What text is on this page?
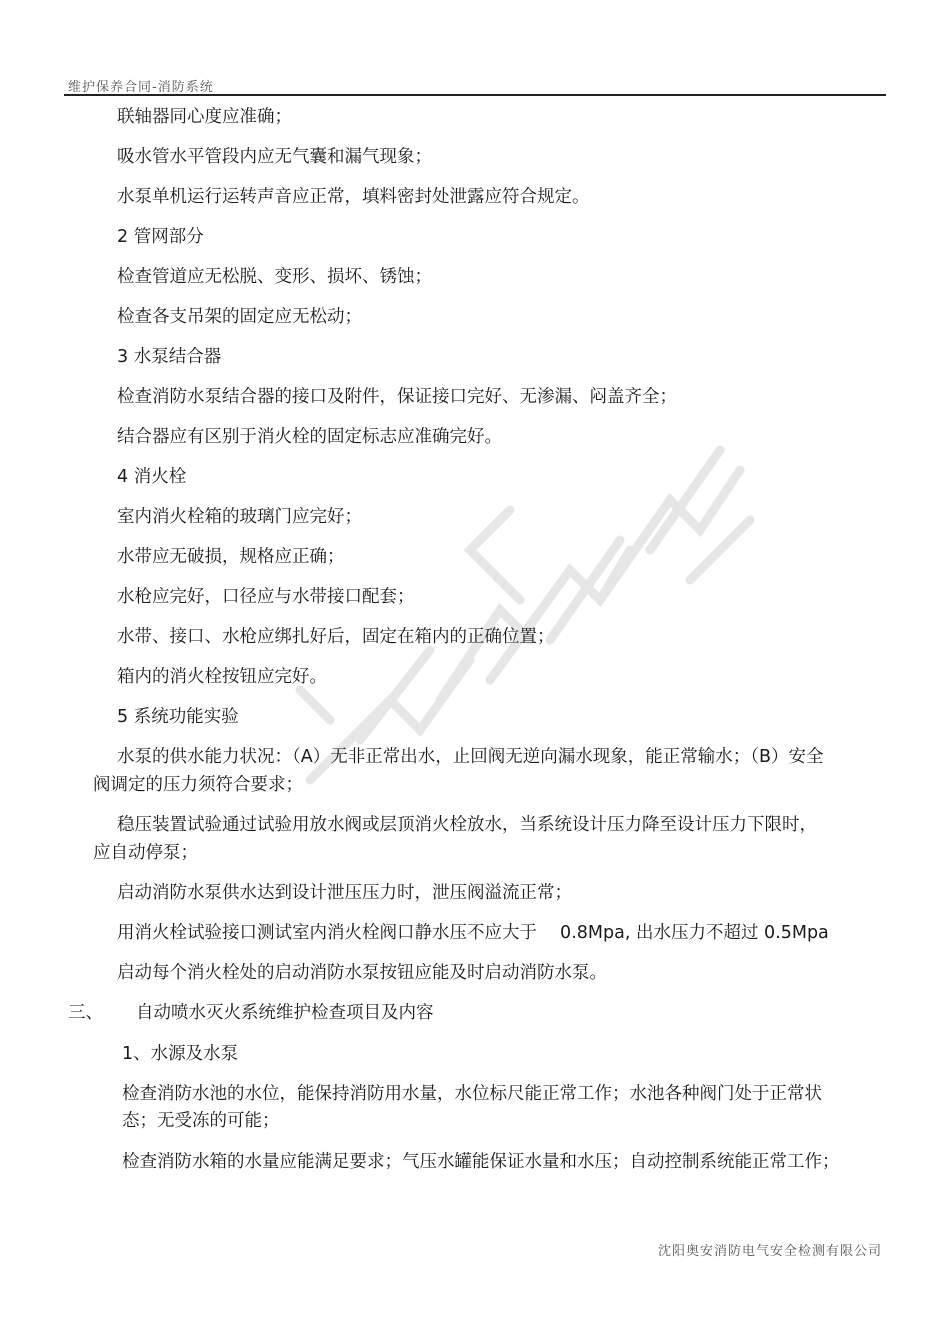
维护保养合同-消防系统
联轴器同心度应准确；
吸水管水平管段内应无气囊和漏气现象；
水泵单机运行运转声音应正常，填料密封处泄露应符合规定。
2 管网部分
检查管道应无松脱、变形、损坏、锈蚀；
检查各支吊架的固定应无松动；
3 水泵结合器
检查消防水泵结合器的接口及附件，保证接口完好、无渗漏、闷盖齐全；
结合器应有区别于消火栓的固定标志应准确完好。
4 消火栓
室内消火栓箱的玻璃门应完好；
水带应无破损，规格应正确；
水枪应完好，口径应与水带接口配套；
水带、接口、水枪应绑扎好后，固定在箱内的正确位置；
箱内的消火栓按钮应完好。
5 系统功能实验
水泵的供水能力状况：（A）无非正常出水，止回阀无逆向漏水现象，能正常输水；（B）安全
阀调定的压力须符合要求；
稳压装置试验通过试验用放水阀或层顶消火栓放水，当系统设计压力降至设计压力下限时，
应自动停泵；
启动消防水泵供水达到设计泄压压力时，泄压阀溢流正常；
用消火栓试验接口测试室内消火栓阀口静水压不应大于　 0.8Mpa, 出水压力不超过 0.5Mpa
启动每个消火栓处的启动消防水泵按钮应能及时启动消防水泵。
三、 自动喷水灭火系统维护检查项目及内容
1、水源及水泵
检查消防水池的水位，能保持消防用水量，水位标尺能正常工作；水池各种阀门处于正常状
态；无受冻的可能；
检查消防水箱的水量应能满足要求；气压水罐能保证水量和水压；自动控制系统能正常工作；
沈阳奥安消防电气安全检测有限公司
